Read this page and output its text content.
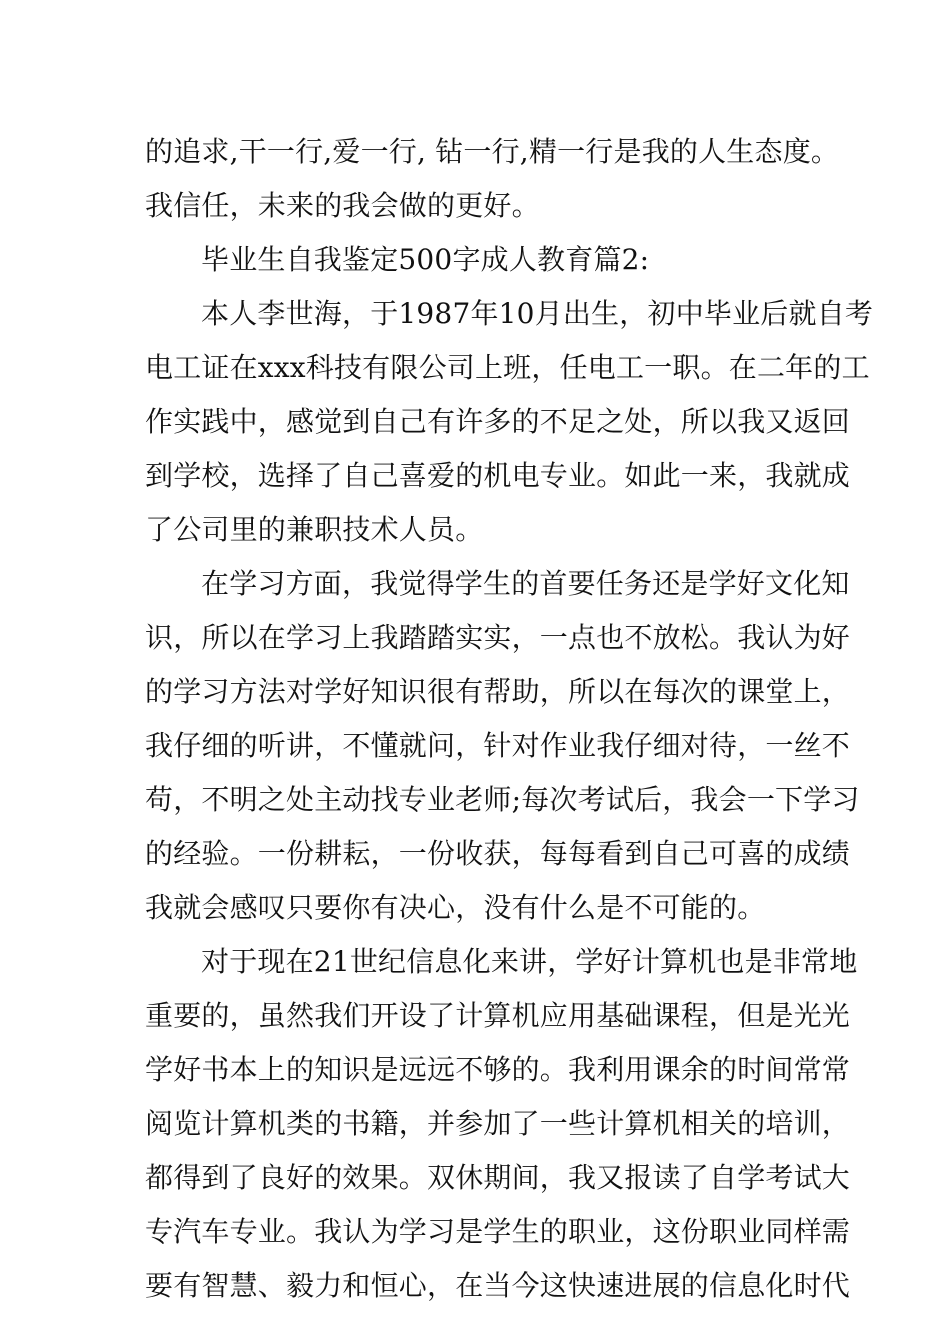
的追求,干一行,爱一行, 钻一行,精一行是我的人生态度。
我信任，未来的我会做的更好。
毕业生自我鉴定500字成人教育篇2:
本人李世海，于1987年10月出生，初中毕业后就自考
电工证在xxx科技有限公司上班，任电工一职。在二年的工
作实践中，感觉到自己有许多的不足之处，所以我又返回
到学校，选择了自己喜爱的机电专业。如此一来，我就成
了公司里的兼职技术人员。
在学习方面，我觉得学生的首要任务还是学好文化知
识，所以在学习上我踏踏实实，一点也不放松。我认为好
的学习方法对学好知识很有帮助，所以在每次的课堂上，
我仔细的听讲，不懂就问，针对作业我仔细对待，一丝不
苟，不明之处主动找专业老师;每次考试后，我会一下学习
的经验。一份耕耘，一份收获，每每看到自己可喜的成绩
我就会感叹只要你有决心，没有什么是不可能的。
对于现在21世纪信息化来讲，学好计算机也是非常地
重要的，虽然我们开设了计算机应用基础课程，但是光光
学好书本上的知识是远远不够的。我利用课余的时间常常
阅览计算机类的书籍，并参加了一些计算机相关的培训，
都得到了良好的效果。双休期间，我又报读了自学考试大
专汽车专业。我认为学习是学生的职业，这份职业同样需
要有智慧、毅力和恒心，在当今这快速进展的信息化时代
